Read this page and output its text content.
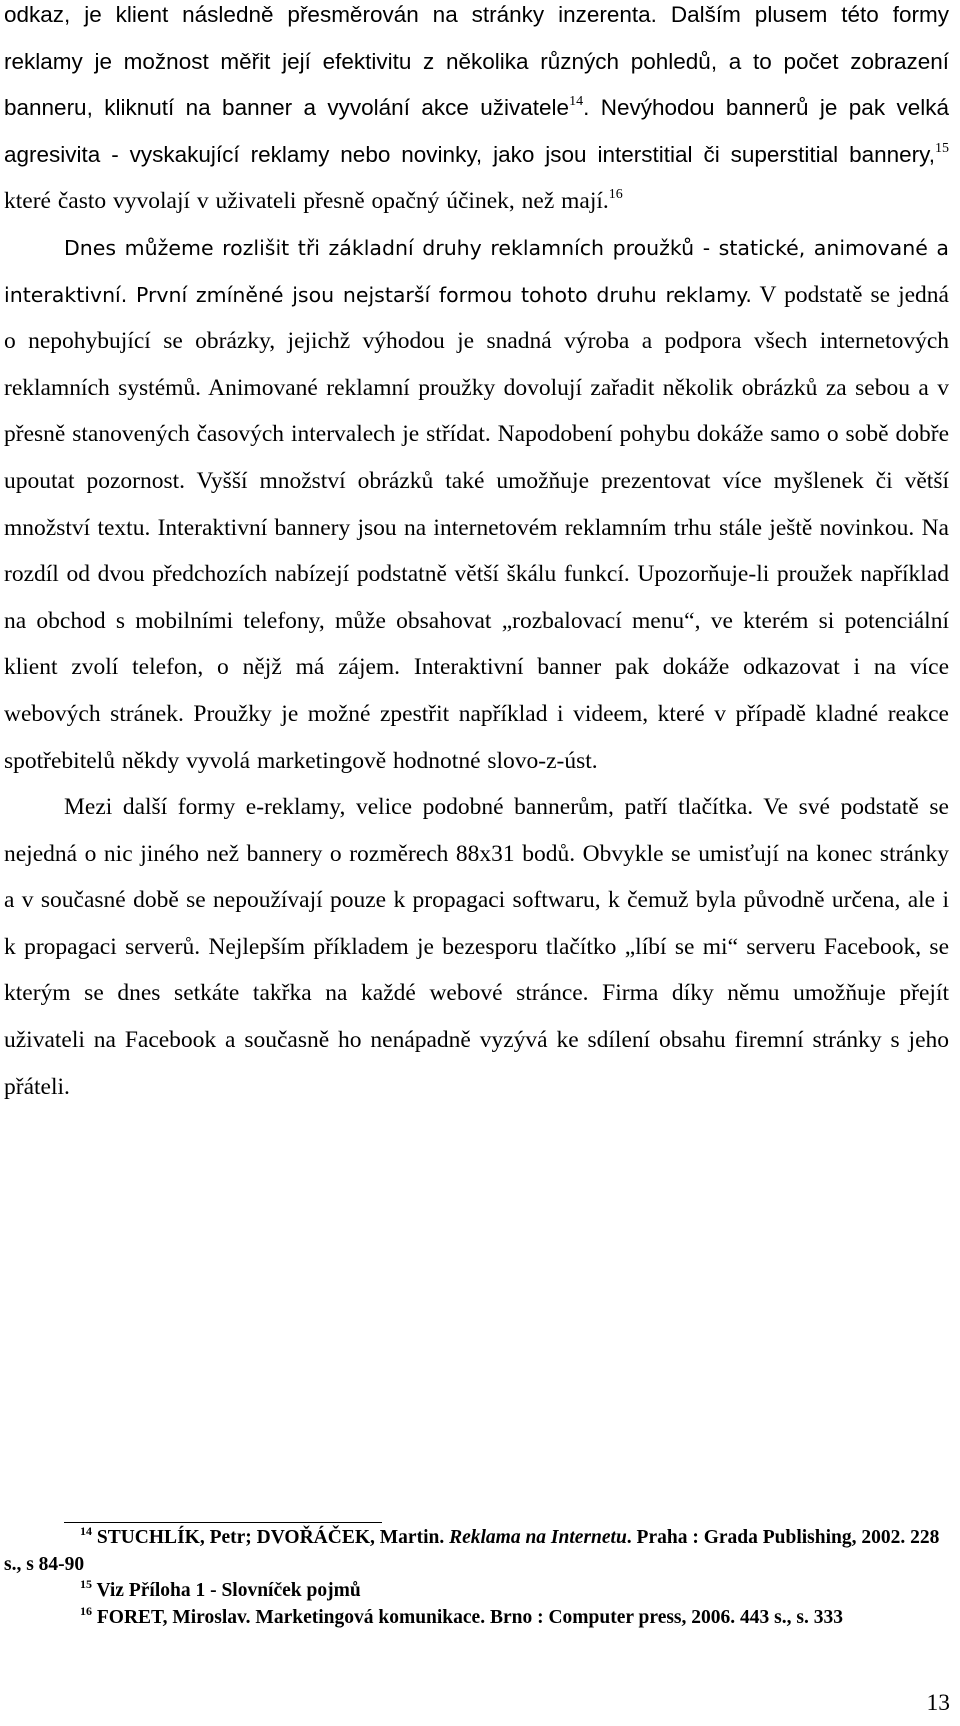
odkaz, je klient následně přesměrován na stránky inzerenta. Dalším plusem této formy reklamy je možnost měřit její efektivitu z několika různých pohledů, a to počet zobrazení banneru, kliknutí na banner a vyvolání akce uživatele$^{14}$. Nevýhodou bannerů je pak velká agresivita - vyskakující reklamy nebo novinky, jako jsou interstitial či superstitial bannery,$^{15}$ které často vyvolají v uživateli přesně opačný účinek, než mají.$^{16}$

Dnes můžeme rozlišit tři základní druhy reklamních proužků - statické, animované a interaktivní. První zmíněné jsou nejstarší formou tohoto druhu reklamy. V podstatě se jedná o nepohybující se obrázky, jejichž výhodou je snadná výroba a podpora všech internetových reklamních systémů. Animované reklamní proužky dovolují zařadit několik obrázků za sebou a v přesně stanovených časových intervalech je střídat. Napodobení pohybu dokáže samo o sobě dobře upoutat pozornost. Vyšší množství obrázků také umožňuje prezentovat více myšlenek či větší množství textu. Interaktivní bannery jsou na internetovém reklamním trhu stále ještě novinkou. Na rozdíl od dvou předchozích nabízejí podstatně větší škálu funkcí. Upozorňuje-li proužek například na obchod s mobilními telefony, může obsahovat „rozbalovací menu“, ve kterém si potenciální klient zvolí telefon, o nějž má zájem. Interaktivní banner pak dokáže odkazovat i na více webových stránek. Proužky je možné zpestřit například i videem, které v případě kladné reakce spotřebitelů někdy vyvolá marketingově hodnotné slovo-z-úst.

Mezi další formy e-reklamy, velice podobné bannerům, patří tlačítka. Ve své podstatě se nejedná o nic jiného než bannery o rozměrech 88x31 bodů. Obvykle se umisťují na konec stránky a v současné době se nepoužívají pouze k propagaci softwaru, k čemuž byla původně určena, ale i k propagaci serverů. Nejlepším příkladem je bezesporu tlačítko „líbí se mi“ serveru Facebook, se kterým se dnes setkáte takřka na každé webové stránce. Firma díky němu umožňuje přejít uživateli na Facebook a současně ho nenápadně vyzývá ke sdílení obsahu firemní stránky s jeho přáteli.

$^{14}$ STUCHLÍK, Petr; DVOŘÁČEK, Martin. Reklama na Internetu. Praha : Grada Publishing, 2002. 228 s., s 84-90

$^{15}$ Viz Příloha 1 - Slovníček pojmů

$^{16}$ FORET, Miroslav. Marketingová komunikace. Brno : Computer press, 2006. 443 s., s. 333

13
